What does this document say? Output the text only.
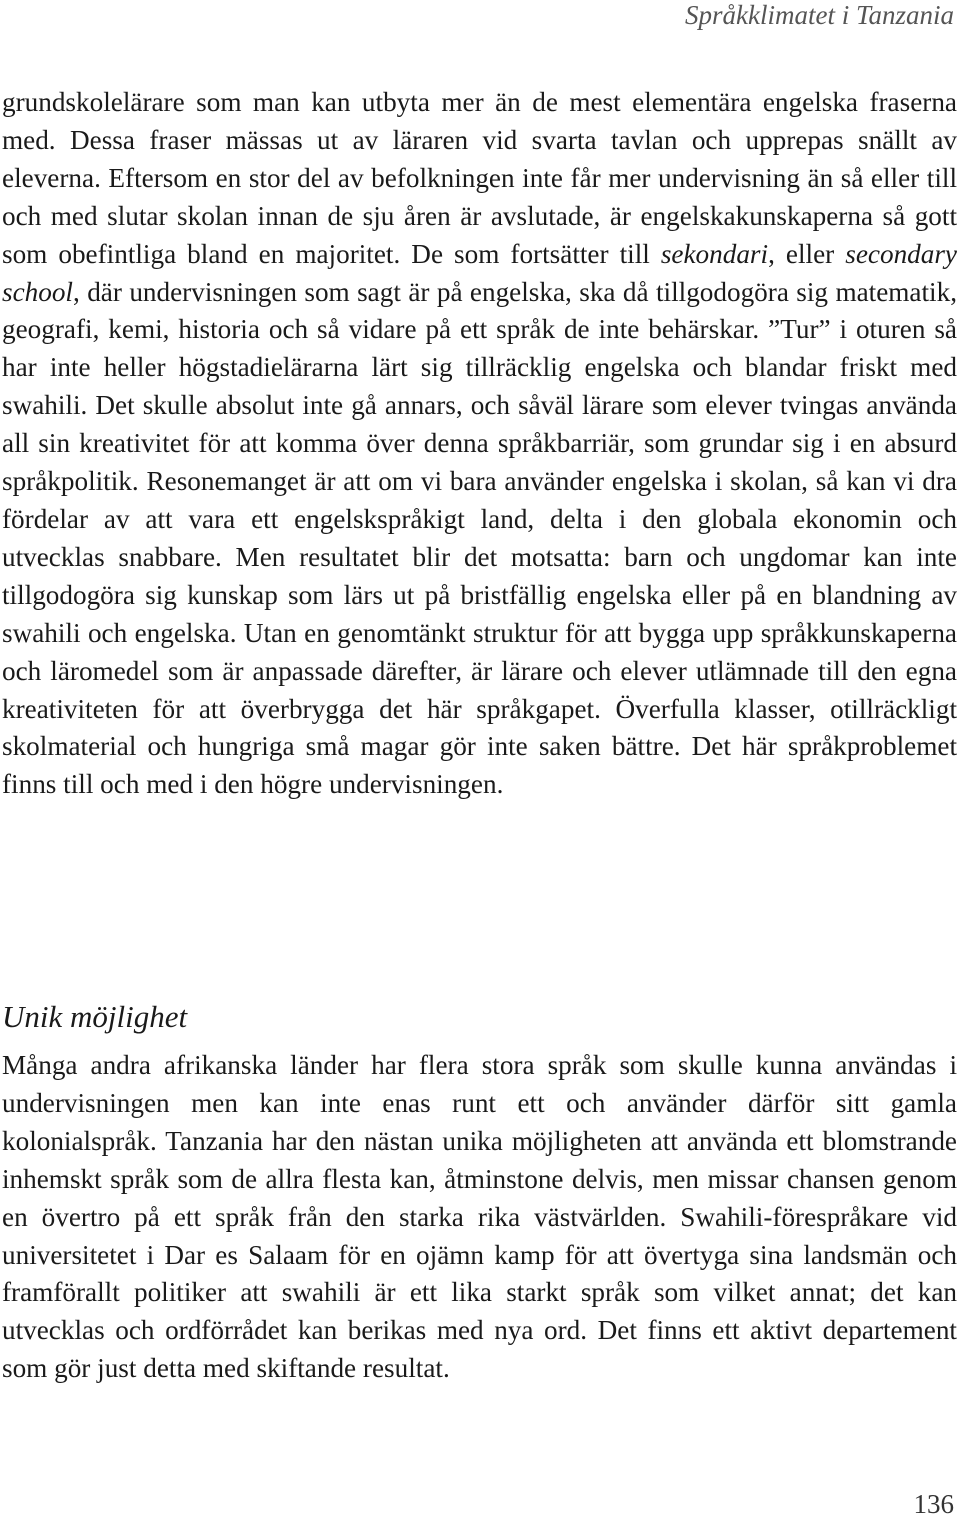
Språkklimatet i Tanzania

grundskolelärare som man kan utbyta mer än de mest elementära engelska fraserna med. Dessa fraser mässas ut av läraren vid svarta tavlan och upprepas snällt av eleverna. Eftersom en stor del av befolkningen inte får mer undervisning än så eller till och med slutar skolan innan de sju åren är avslutade, är engelskakunskaperna så gott som obefintliga bland en majoritet. De som fortsätter till sekondari, eller secondary school, där undervisningen som sagt är på engelska, ska då tillgodogöra sig matematik, geografi, kemi, historia och så vidare på ett språk de inte behärskar. ”Tur” i oturen så har inte heller högstadielärarna lärt sig tillräcklig engelska och blandar friskt med swahili. Det skulle absolut inte gå annars, och såväl lärare som elever tvingas använda all sin kreativitet för att komma över denna språkbarriär, som grundar sig i en absurd språkpolitik. Resonemanget är att om vi bara använder engelska i skolan, så kan vi dra fördelar av att vara ett engelskspråkigt land, delta i den globala ekonomin och utvecklas snabbare. Men resultatet blir det motsatta: barn och ungdomar kan inte tillgodogöra sig kunskap som lärs ut på bristfällig engelska eller på en blandning av swahili och engelska. Utan en genomtänkt struktur för att bygga upp språkkunskaperna och läromedel som är anpassade därefter, är lärare och elever utlämnade till den egna kreativiteten för att överbrygga det här språkgapet. Överfulla klasser, otillräckligt skolmaterial och hungriga små magar gör inte saken bättre. Det här språkproblemet finns till och med i den högre undervisningen.

Unik möjlighet

Många andra afrikanska länder har flera stora språk som skulle kunna användas i undervisningen men kan inte enas runt ett och använder därför sitt gamla kolonialspråk. Tanzania har den nästan unika möjligheten att använda ett blomstrande inhemskt språk som de allra flesta kan, åtminstone delvis, men missar chansen genom en övertro på ett språk från den starka rika västvärlden. Swahili-förespråkare vid universitetet i Dar es Salaam för en ojämn kamp för att övertyga sina landsmän och framförallt politiker att swahili är ett lika starkt språk som vilket annat; det kan utvecklas och ordförrådet kan berikas med nya ord. Det finns ett aktivt departement som gör just detta med skiftande resultat.

136
